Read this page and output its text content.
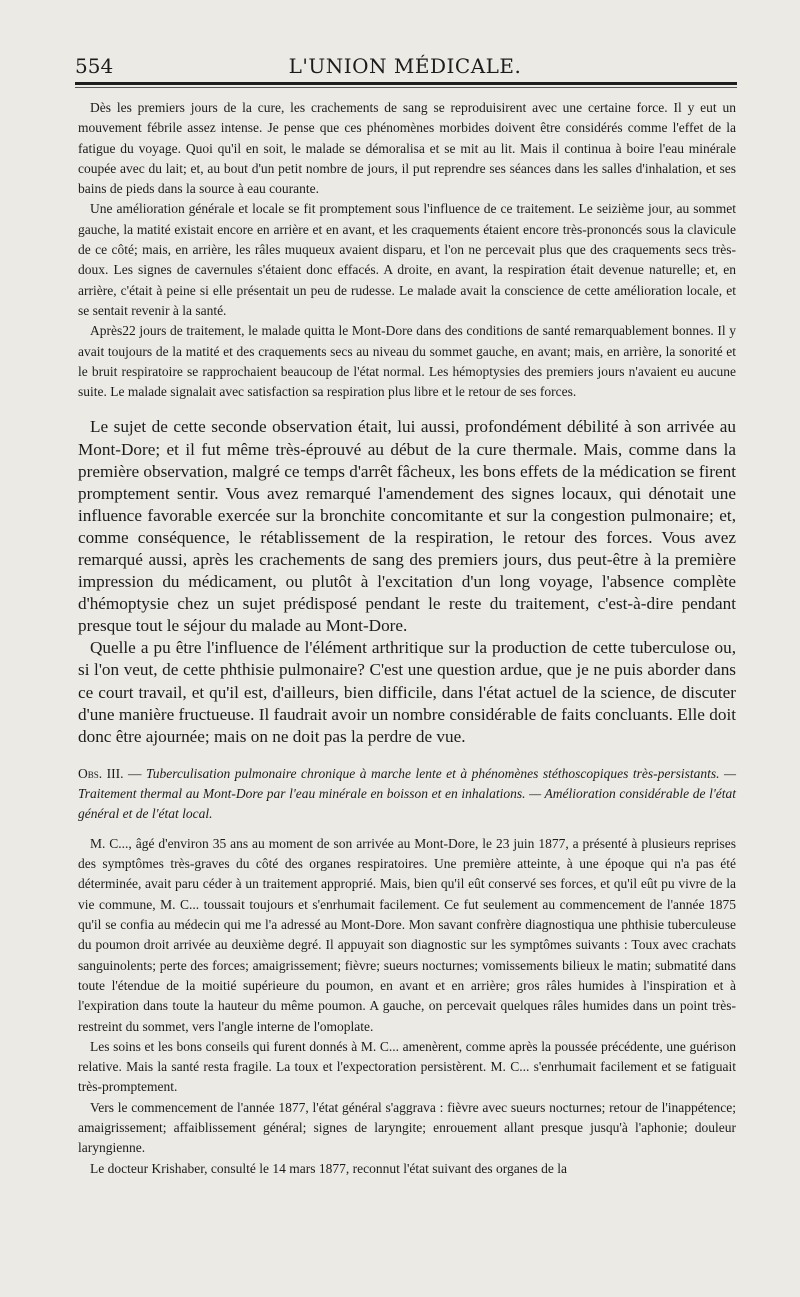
554	L'UNION MÉDICALE.

Dès les premiers jours de la cure, les crachements de sang se reproduisirent avec une certaine force. Il y eut un mouvement fébrile assez intense. Je pense que ces phénomènes morbides doivent être considérés comme l'effet de la fatigue du voyage. Quoi qu'il en soit, le malade se démoralisa et se mit au lit. Mais il continua à boire l'eau minérale coupée avec du lait; et, au bout d'un petit nombre de jours, il put reprendre ses séances dans les salles d'inhalation, et ses bains de pieds dans la source à eau courante.

Une amélioration générale et locale se fit promptement sous l'influence de ce traitement. Le seizième jour, au sommet gauche, la matité existait encore en arrière et en avant, et les craquements étaient encore très-prononcés sous la clavicule de ce côté; mais, en arrière, les râles muqueux avaient disparu, et l'on ne percevait plus que des craquements secs très-doux. Les signes de cavernules s'étaient donc effacés. A droite, en avant, la respiration était devenue naturelle; et, en arrière, c'était à peine si elle présentait un peu de rudesse. Le malade avait la conscience de cette amélioration locale, et se sentait revenir à la santé.

Après22 jours de traitement, le malade quitta le Mont-Dore dans des conditions de santé remarquablement bonnes. Il y avait toujours de la matité et des craquements secs au niveau du sommet gauche, en avant; mais, en arrière, la sonorité et le bruit respiratoire se rapprochaient beaucoup de l'état normal. Les hémoptysies des premiers jours n'avaient eu aucune suite. Le malade signalait avec satisfaction sa respiration plus libre et le retour de ses forces.

Le sujet de cette seconde observation était, lui aussi, profondément débilité à son arrivée au Mont-Dore; et il fut même très-éprouvé au début de la cure thermale. Mais, comme dans la première observation, malgré ce temps d'arrêt fâcheux, les bons effets de la médication se firent promptement sentir. Vous avez remarqué l'amendement des signes locaux, qui dénotait une influence favorable exercée sur la bronchite concomitante et sur la congestion pulmonaire; et, comme conséquence, le rétablissement de la respiration, le retour des forces. Vous avez remarqué aussi, après les crachements de sang des premiers jours, dus peut-être à la première impression du médicament, ou plutôt à l'excitation d'un long voyage, l'absence complète d'hémoptysie chez un sujet prédisposé pendant le reste du traitement, c'est-à-dire pendant presque tout le séjour du malade au Mont-Dore.

Quelle a pu être l'influence de l'élément arthritique sur la production de cette tuberculose ou, si l'on veut, de cette phthisie pulmonaire? C'est une question ardue, que je ne puis aborder dans ce court travail, et qu'il est, d'ailleurs, bien difficile, dans l'état actuel de la science, de discuter d'une manière fructueuse. Il faudrait avoir un nombre considérable de faits concluants. Elle doit donc être ajournée; mais on ne doit pas la perdre de vue.

Obs. III. — Tuberculisation pulmonaire chronique à marche lente et à phénomènes stéthoscopiques très-persistants. — Traitement thermal au Mont-Dore par l'eau minérale en boisson et en inhalations. — Amélioration considérable de l'état général et de l'état local.

M. C..., âgé d'environ 35 ans au moment de son arrivée au Mont-Dore, le 23 juin 1877, a présenté à plusieurs reprises des symptômes très-graves du côté des organes respiratoires. Une première atteinte, à une époque qui n'a pas été déterminée, avait paru céder à un traitement approprié. Mais, bien qu'il eût conservé ses forces, et qu'il eût pu vivre de la vie commune, M. C... toussait toujours et s'enrhumait facilement. Ce fut seulement au commencement de l'année 1875 qu'il se confia au médecin qui me l'a adressé au Mont-Dore. Mon savant confrère diagnostiqua une phthisie tuberculeuse du poumon droit arrivée au deuxième degré. Il appuyait son diagnostic sur les symptômes suivants : Toux avec crachats sanguinolents; perte des forces; amaigrissement; fièvre; sueurs nocturnes; vomissements bilieux le matin; submatité dans toute l'étendue de la moitié supérieure du poumon, en avant et en arrière; gros râles humides à l'inspiration et à l'expiration dans toute la hauteur du même poumon. A gauche, on percevait quelques râles humides dans un point très-restreint du sommet, vers l'angle interne de l'omoplate.

Les soins et les bons conseils qui furent donnés à M. C... amenèrent, comme après la poussée précédente, une guérison relative. Mais la santé resta fragile. La toux et l'expectoration persistèrent. M. C... s'enrhumait facilement et se fatiguait très-promptement.

Vers le commencement de l'année 1877, l'état général s'aggrava : fièvre avec sueurs nocturnes; retour de l'inappétence; amaigrissement; affaiblissement général; signes de laryngite; enrouement allant presque jusqu'à l'aphonie; douleur laryngienne.

Le docteur Krishaber, consulté le 14 mars 1877, reconnut l'état suivant des organes de la
